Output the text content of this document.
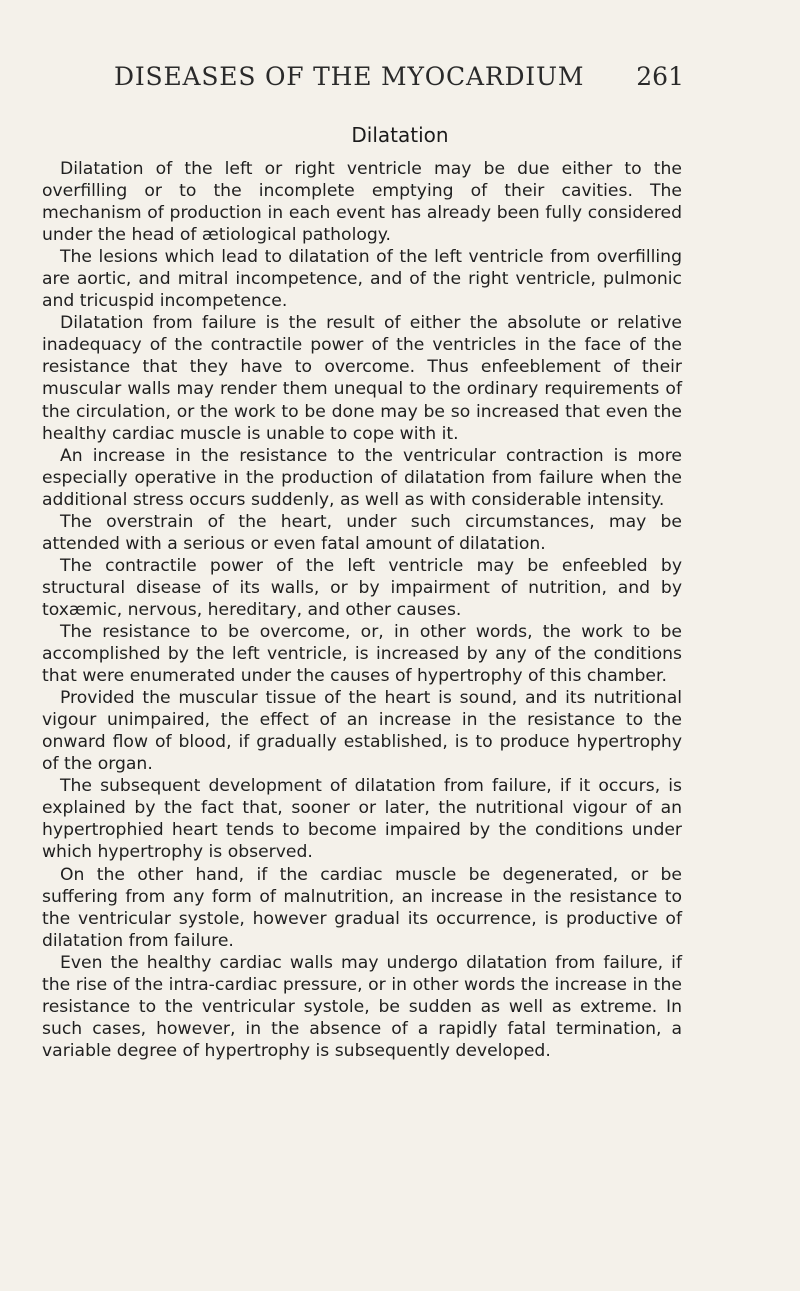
DISEASES OF THE MYOCARDIUM 261
Dilatation

Dilatation of the left or right ventricle may be due either to the overfilling or to the incomplete emptying of their cavities. The mechanism of production in each event has already been fully considered under the head of ætiological pathology.

The lesions which lead to dilatation of the left ventricle from overfilling are aortic, and mitral incompetence, and of the right ventricle, pulmonic and tricuspid incompetence.

Dilatation from failure is the result of either the absolute or relative inadequacy of the contractile power of the ventricles in the face of the resistance that they have to overcome. Thus enfeeblement of their muscular walls may render them unequal to the ordinary requirements of the circulation, or the work to be done may be so increased that even the healthy cardiac muscle is unable to cope with it.

An increase in the resistance to the ventricular contraction is more especially operative in the production of dilatation from failure when the additional stress occurs suddenly, as well as with considerable intensity.

The overstrain of the heart, under such circumstances, may be attended with a serious or even fatal amount of dilatation.

The contractile power of the left ventricle may be enfeebled by structural disease of its walls, or by impairment of nutrition, and by toxæmic, nervous, hereditary, and other causes.

The resistance to be overcome, or, in other words, the work to be accomplished by the left ventricle, is increased by any of the conditions that were enumerated under the causes of hypertrophy of this chamber.

Provided the muscular tissue of the heart is sound, and its nutritional vigour unimpaired, the effect of an increase in the resistance to the onward flow of blood, if gradually established, is to produce hypertrophy of the organ.

The subsequent development of dilatation from failure, if it occurs, is explained by the fact that, sooner or later, the nutritional vigour of an hypertrophied heart tends to become impaired by the conditions under which hypertrophy is observed.

On the other hand, if the cardiac muscle be degenerated, or be suffering from any form of malnutrition, an increase in the resistance to the ventricular systole, however gradual its occurrence, is productive of dilatation from failure.

Even the healthy cardiac walls may undergo dilatation from failure, if the rise of the intra-cardiac pressure, or in other words the increase in the resistance to the ventricular systole, be sudden as well as extreme. In such cases, however, in the absence of a rapidly fatal termination, a variable degree of hypertrophy is subsequently developed.
